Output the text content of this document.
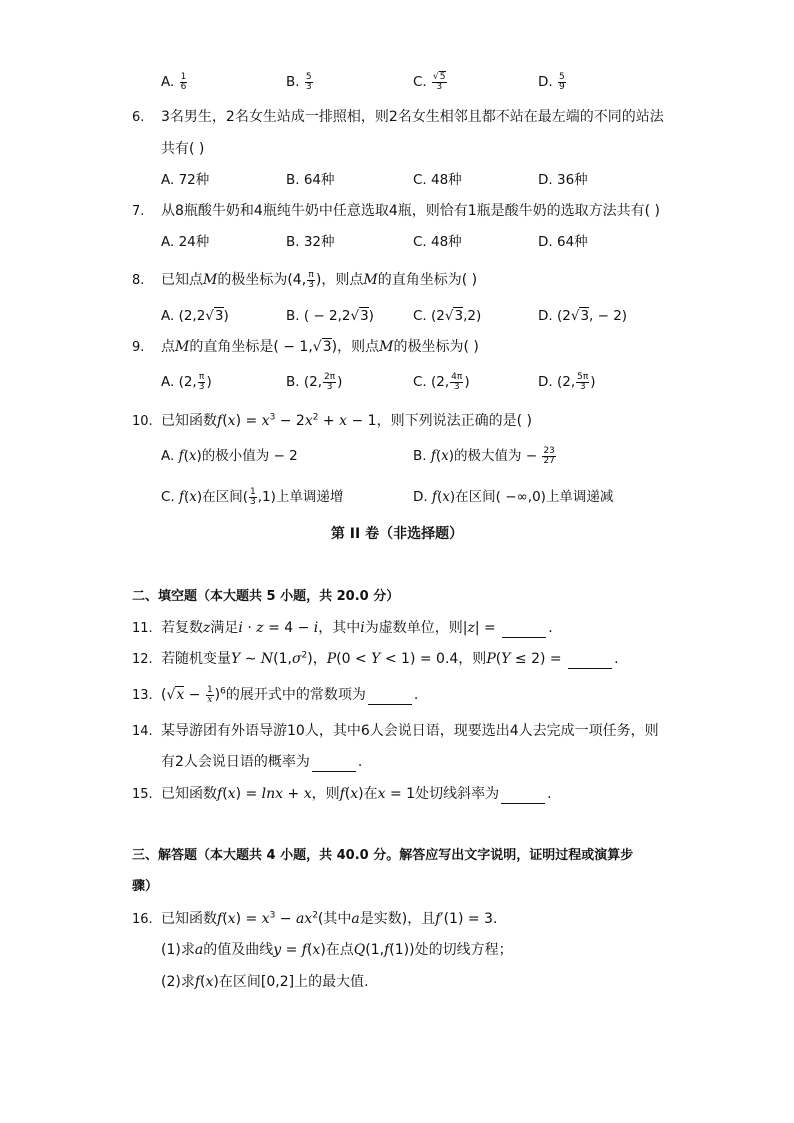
A. $\frac{1}{6}$	B. $\frac{5}{3}$	C. $\frac{√5}{3}$	D. $\frac{5}{9}$
6. 3名男生，2名女生站成一排照相，则2名女生相邻且都不站在最左端的不同的站法
共有( )
A. 72种	B. 64种	C. 48种	D. 36种
7. 从8瓶酸牛奶和4瓶纯牛奶中任意选取4瓶，则恰有1瓶是酸牛奶的选取方法共有( )
A. 24种	B. 32种	C. 48种	D. 64种
8. 已知点M的极坐标为(4, $\frac{\pi}{3}$ )，则点M的直角坐标为( )
A. (2,2√3)	B. ( − 2,2√3)	C. (2√3,2)	D. (2√3, − 2)
9. 点M的直角坐标是( − 1,√3)，则点M的极坐标为( )
A. (2, $\frac{\pi}{3}$ )	B. (2, $\frac{2\pi}{3}$ )	C. (2, $\frac{4\pi}{3}$ )	D. (2, $\frac{5\pi}{3}$ )
10. 已知函数$f(x) = x^3 - 2x^2 + x - 1$，则下列说法正确的是( )
A. f(x)的极小值为 − 2	B. f(x)的极大值为 − $\frac{23}{27}$
C. f(x)在区间( $\frac{1}{3} ,1$)上单调递增	D. f(x)在区间( −∞,0)上单调递减
第 II 卷（非选择题）
二、填空题（本大题共 5 小题，共 20.0 分）
11. 若复数z满足i · z = 4 − i，其中i为虚数单位，则|z| =	.
12. 若随机变量Y ∼ $N(1,\sigma^2)$，P(0 < Y < 1) = 0.4，则P(Y ≤ 2) =	.
13. $(√x - \frac{1}{x} )^6$的展开式中的常数项为	.
14. 某导游团有外语导游10人，其中6人会说日语，现要选出4人去完成一项任务，则
有2人会说日语的概率为	.
15. 已知函数f(x) = lnx + x，则f(x)在x = 1处切线斜率为	.
三、解答题（本大题共 4 小题，共 40.0 分。解答应写出文字说明，证明过程或演算步
骤）
16. 已知函数$f(x) = x^3 - ax^2$(其中a是实数)，且f′(1) = 3.
(1)求a的值及曲线y = f(x)在点Q(1,f(1))处的切线方程；
(2)求f(x)在区间[0,2]上的最大值.
